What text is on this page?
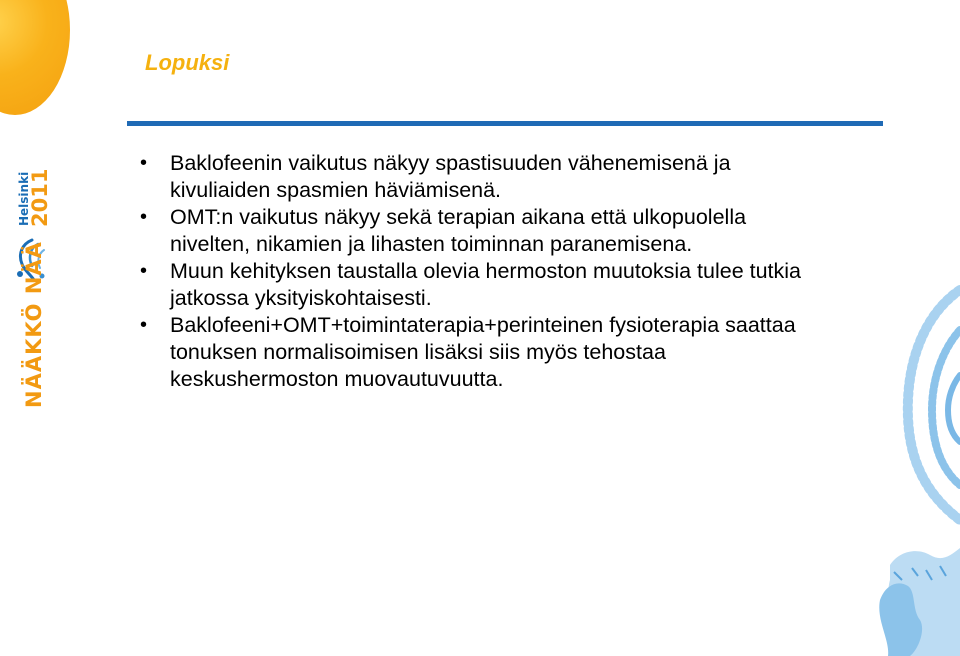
Lopuksi
Helsinki
2011
NÄÄKKÖ NÄÄ
• Baklofeenin vaikutus näkyy spastisuuden vähenemisenä ja kivuliaiden spasmien häviämisenä.
• OMT:n vaikutus näkyy sekä terapian aikana että ulkopuolella nivelten, nikamien ja lihasten toiminnan paranemisena.
• Muun kehityksen taustalla olevia hermoston muutoksia tulee tutkia jatkossa yksityiskohtaisesti.
• Baklofeeni+OMT+toimintaterapia+perinteinen fysioterapia saattaa tonuksen normalisoimisen lisäksi siis myös tehostaa keskushermoston muovautuvuutta.
